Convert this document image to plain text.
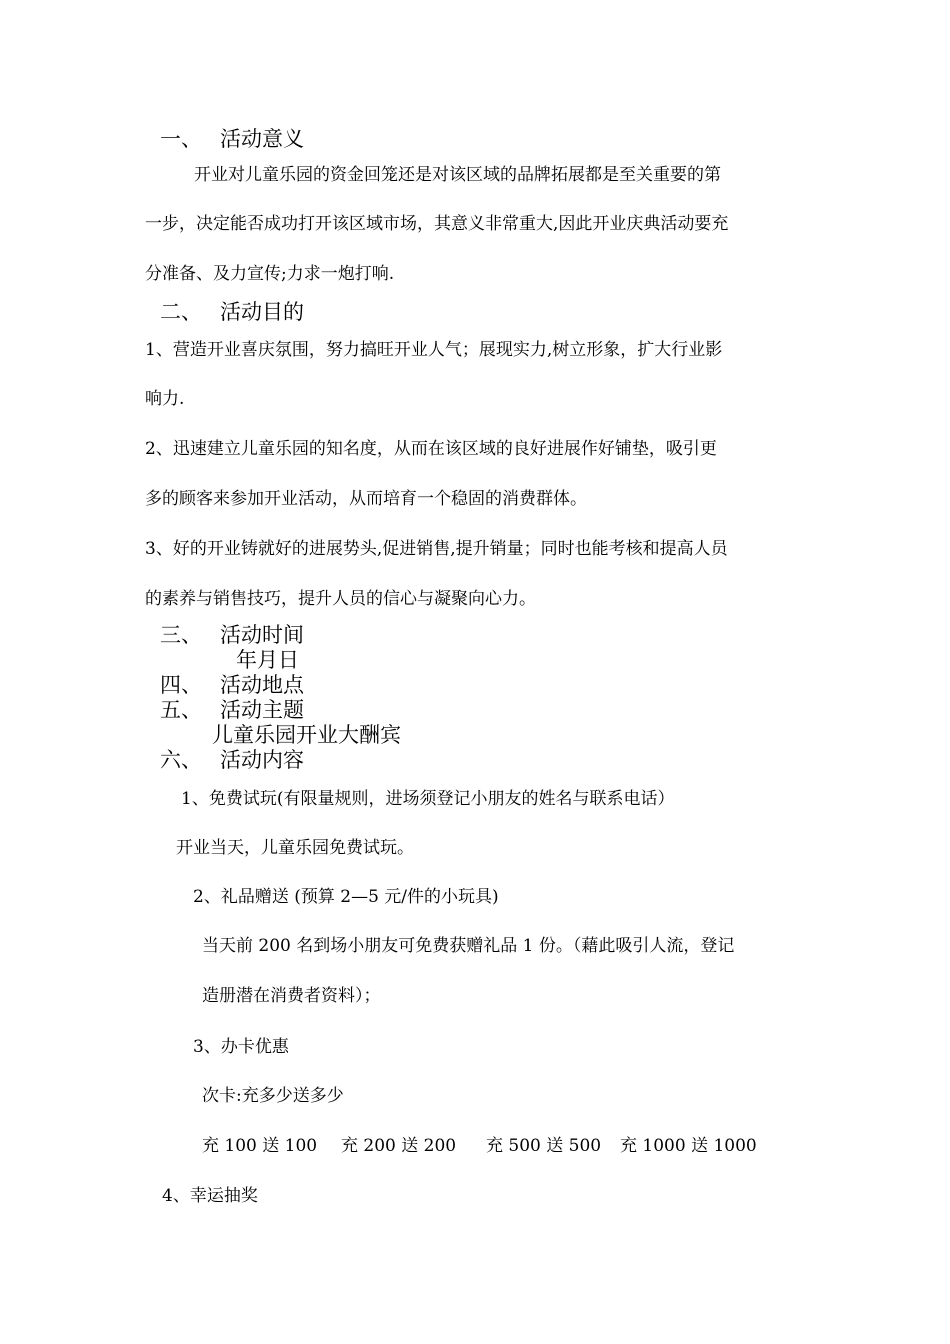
一、 活动意义
开业对儿童乐园的资金回笼还是对该区域的品牌拓展都是至关重要的第
一步，决定能否成功打开该区域市场，其意义非常重大,因此开业庆典活动要充
分准备、及力宣传;力求一炮打响.
二、 活动目的
1、营造开业喜庆氛围，努力搞旺开业人气；展现实力,树立形象，扩大行业影
响力.
2、迅速建立儿童乐园的知名度，从而在该区域的良好进展作好铺垫，吸引更
多的顾客来参加开业活动，从而培育一个稳固的消费群体。
3、好的开业铸就好的进展势头,促进销售,提升销量；同时也能考核和提高人员
的素养与销售技巧，提升人员的信心与凝聚向心力。
三、 活动时间
年月日
四、 活动地点
五、 活动主题
儿童乐园开业大酬宾
六、 活动内容
1、免费试玩(有限量规则，进场须登记小朋友的姓名与联系电话）
开业当天，儿童乐园免费试玩。
2、礼品赠送 (预算 2—5 元/件的小玩具)
当天前 200 名到场小朋友可免费获赠礼品 1 份。（藉此吸引人流，登记
造册潜在消费者资料）；
3、办卡优惠
次卡:充多少送多少
充 100 送 100 充 200 送 200 充 500 送 500 充 1000 送 1000
4、幸运抽奖
